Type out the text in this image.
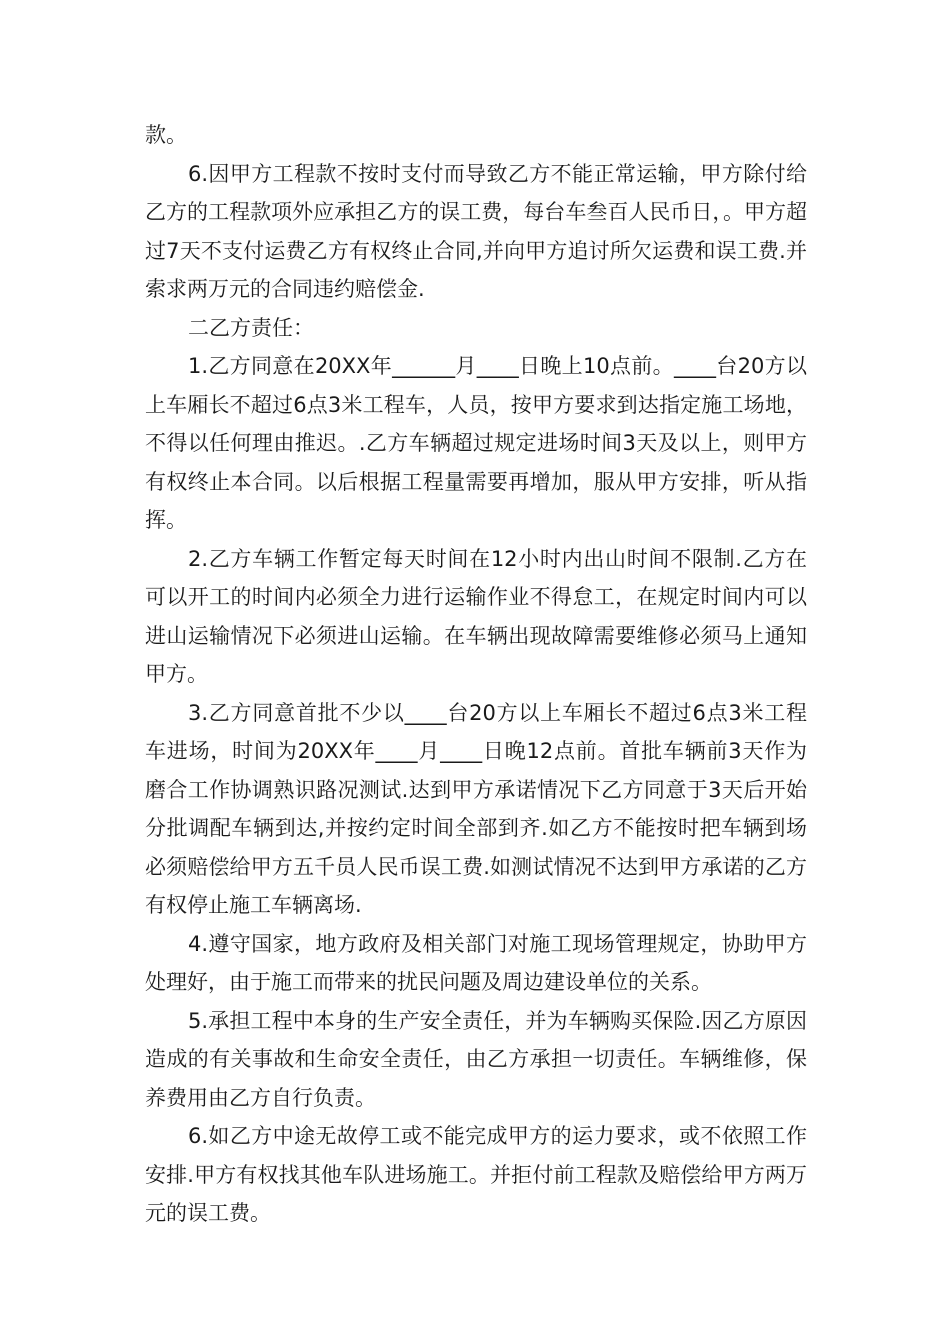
款。

6.因甲方工程款不按时支付而导致乙方不能正常运输，甲方除付给乙方的工程款项外应承担乙方的误工费，每台车叁百人民币日，。甲方超过7天不支付运费乙方有权终止合同,并向甲方追讨所欠运费和误工费.并索求两万元的合同违约赔偿金.

二乙方责任：

1.乙方同意在20XX年______月____日晚上10点前。____台20方以上车厢长不超过6点3米工程车，人员，按甲方要求到达指定施工场地，不得以任何理由推迟。.乙方车辆超过规定进场时间3天及以上，则甲方有权终止本合同。以后根据工程量需要再增加，服从甲方安排，听从指挥。

2.乙方车辆工作暂定每天时间在12小时内出山时间不限制.乙方在可以开工的时间内必须全力进行运输作业不得怠工，在规定时间内可以进山运输情况下必须进山运输。在车辆出现故障需要维修必须马上通知甲方。

3.乙方同意首批不少以____台20方以上车厢长不超过6点3米工程车进场，时间为20XX年____月____日晚12点前。首批车辆前3天作为磨合工作协调熟识路况测试.达到甲方承诺情况下乙方同意于3天后开始分批调配车辆到达,并按约定时间全部到齐.如乙方不能按时把车辆到场必须赔偿给甲方五千员人民币误工费.如测试情况不达到甲方承诺的乙方有权停止施工车辆离场.

4.遵守国家，地方政府及相关部门对施工现场管理规定，协助甲方处理好，由于施工而带来的扰民问题及周边建设单位的关系。

5.承担工程中本身的生产安全责任，并为车辆购买保险.因乙方原因造成的有关事故和生命安全责任，由乙方承担一切责任。车辆维修，保养费用由乙方自行负责。

6.如乙方中途无故停工或不能完成甲方的运力要求，或不依照工作安排.甲方有权找其他车队进场施工。并拒付前工程款及赔偿给甲方两万元的误工费。
